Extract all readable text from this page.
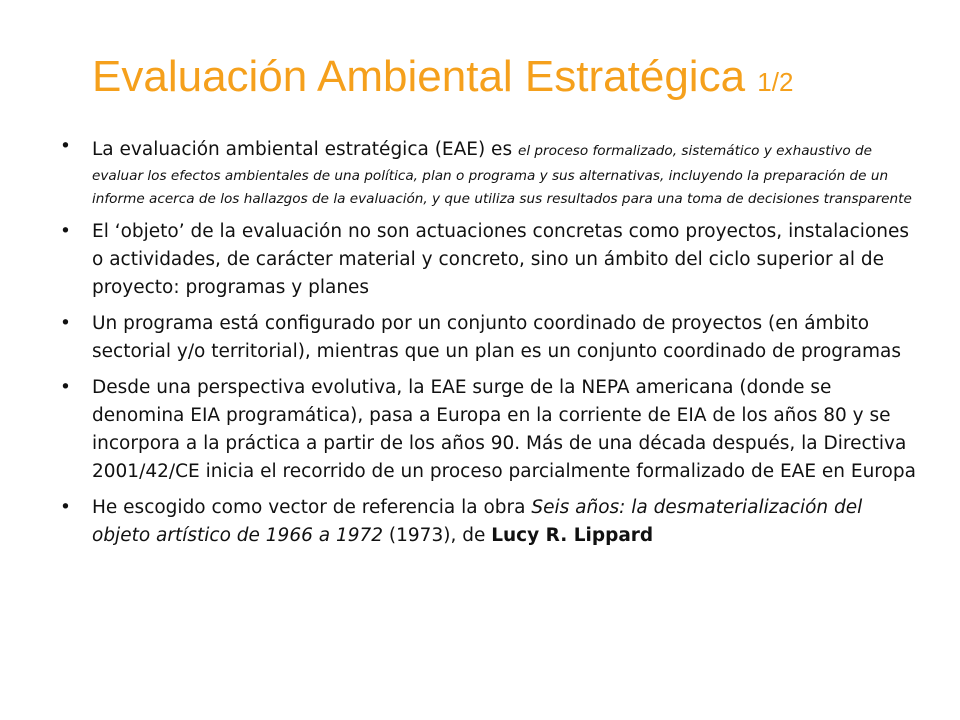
Evaluación Ambiental Estratégica 1/2
• La evaluación ambiental estratégica (EAE) es el proceso formalizado, sistemático y exhaustivo de evaluar los efectos ambientales de una política, plan o programa y sus alternativas, incluyendo la preparación de un informe acerca de los hallazgos de la evaluación, y que utiliza sus resultados para una toma de decisiones transparente
• El ‘objeto’ de la evaluación no son actuaciones concretas como proyectos, instalaciones o actividades, de carácter material y concreto, sino un ámbito del ciclo superior al de proyecto: programas y planes
• Un programa está configurado por un conjunto coordinado de proyectos (en ámbito sectorial y/o territorial), mientras que un plan es un conjunto coordinado de programas
• Desde una perspectiva evolutiva, la EAE surge de la NEPA americana (donde se denomina EIA programática), pasa a Europa en la corriente de EIA de los años 80 y se incorpora a la práctica a partir de los años 90. Más de una década después, la Directiva 2001/42/CE inicia el recorrido de un proceso parcialmente formalizado de EAE en Europa
• He escogido como vector de referencia la obra Seis años: la desmaterialización del objeto artístico de 1966 a 1972 (1973), de Lucy R. Lippard
